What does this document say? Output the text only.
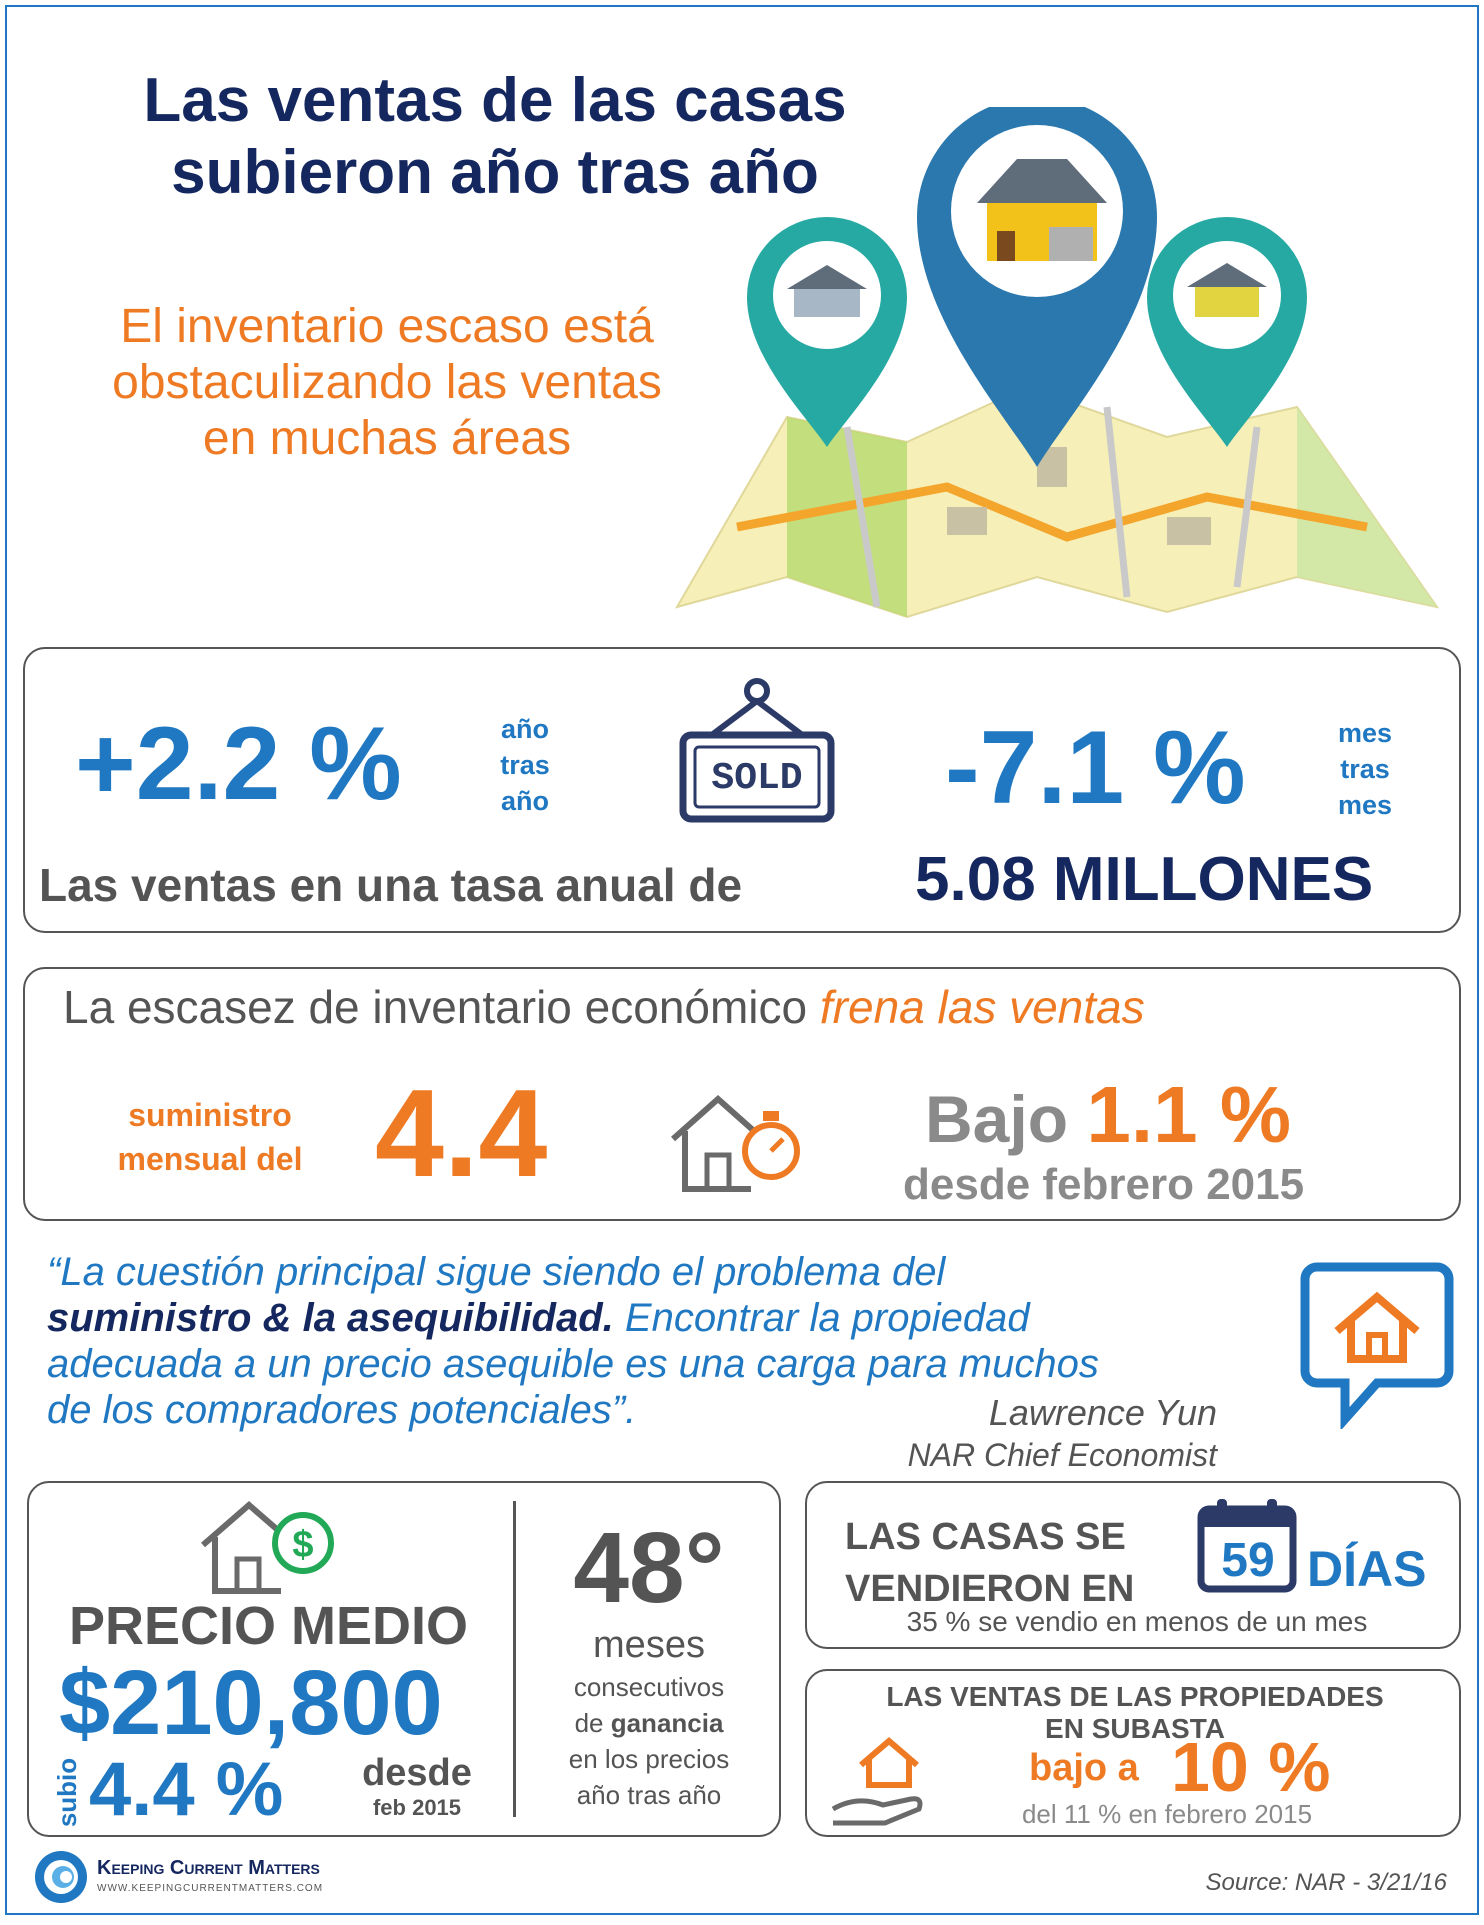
Las ventas de las casas
subieron año tras año
El inventario escaso está
obstaculizando las ventas
en muchas áreas
+2.2 %	año
tras
año
SOLD -7.1 %	mes
tras
mes
Las ventas en una tasa anual de	5.08 MILLONES
La escasez de inventario económico frena las ventas
suministro
mensual del 4.4	Bajo 1.1 %
desde febrero 2015
“La cuestión principal sigue siendo el problema del
suministro & la asequibilidad. Encontrar la propiedad
adecuada a un precio asequible es una carga para muchos
de los compradores potenciales”.	Lawrence Yun
NAR Chief Economist
$
PRECIO MEDIO
$210,800
subio 4.4 %	desde
feb 2015
48°
meses
consecutivos
de ganancia
en los precios
año tras año
LAS CASAS SE
VENDIERON EN
59 DÍAS
35 % se vendio en menos de un mes
LAS VENTAS DE LAS PROPIEDADES
EN SUBASTA
bajo a 10 %
del 11 % en febrero 2015
Keeping Current Matters
WWW.KEEPINGCURRENTMATTERS.COM	Source: NAR - 3/21/16
